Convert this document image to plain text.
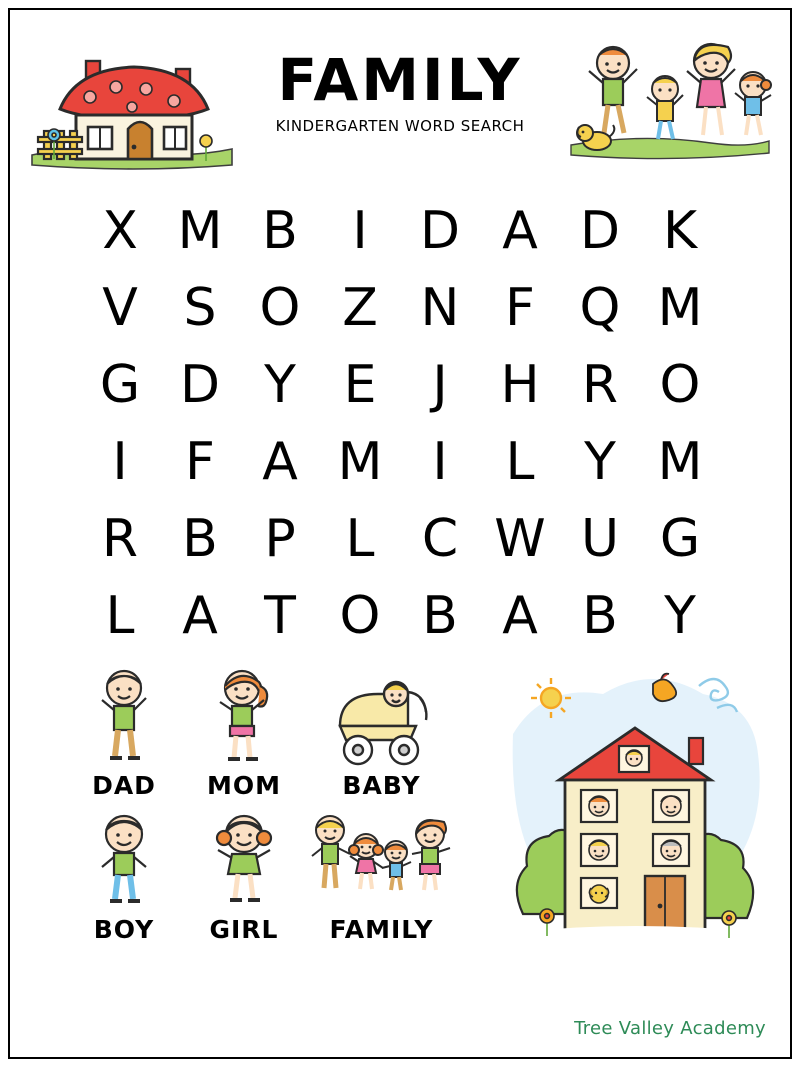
FAMILY
KINDERGARTEN WORD SEARCH
X M B I D A D K
V S O Z N F Q M
G D Y E J H R O
I F A M I L Y M
R B P L C W U G
L A T O B A B Y
DAD MOM BABY
BOY GIRL FAMILY
Tree Valley Academy
